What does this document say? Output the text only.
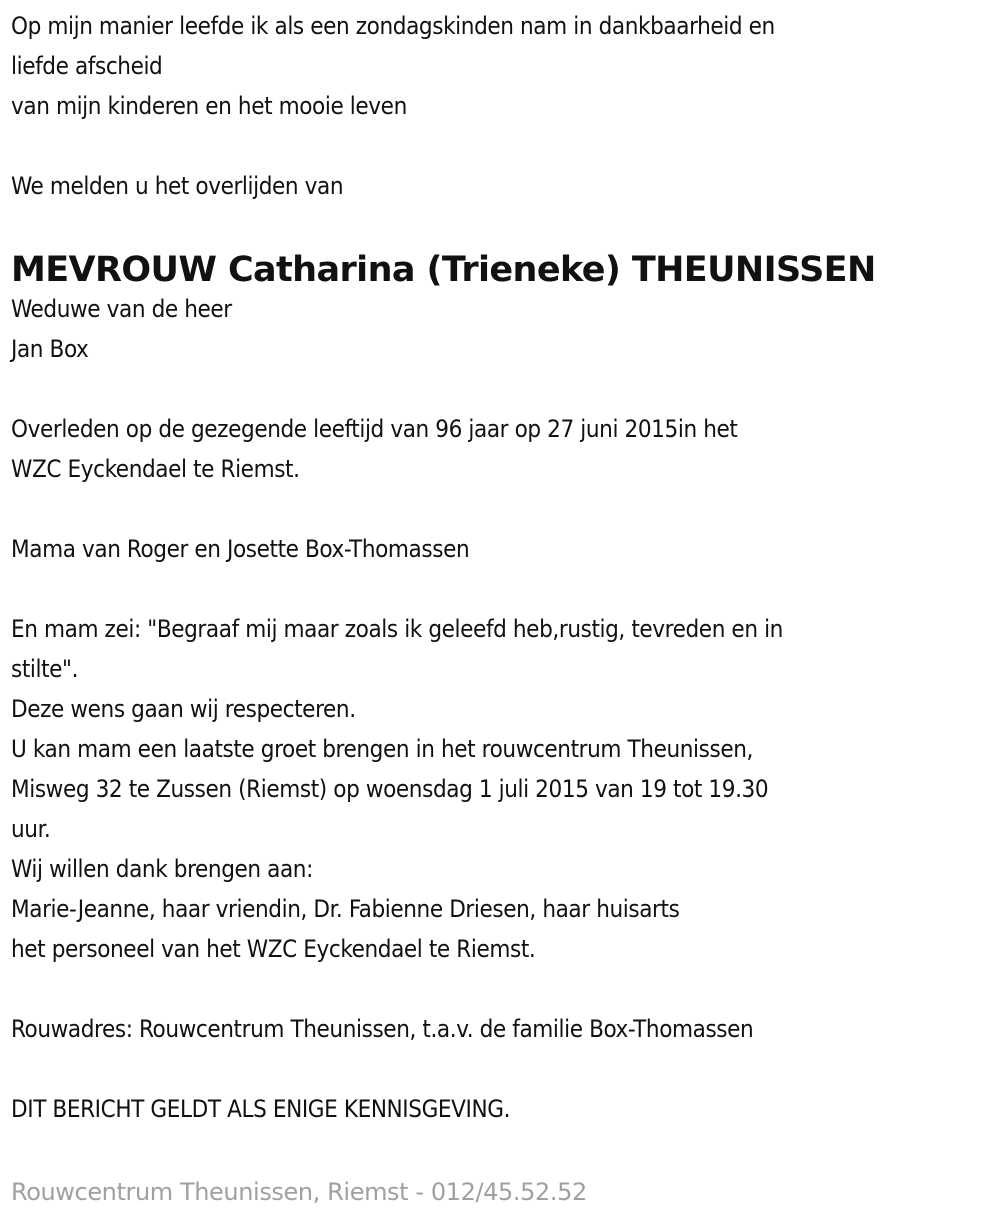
Op mijn manier leefde ik als een zondagskinden nam in dankbaarheid en
liefde afscheid
van mijn kinderen en het mooie leven
We melden u het overlijden van
MEVROUW Catharina (Trieneke) THEUNISSEN
Weduwe van de heer
Jan Box
Overleden op de gezegende leeftijd van 96 jaar op 27 juni 2015in het
WZC Eyckendael te Riemst.
Mama van Roger en Josette Box-Thomassen
En mam zei: "Begraaf mij maar zoals ik geleefd heb,rustig, tevreden en in
stilte".
Deze wens gaan wij respecteren.
U kan mam een laatste groet brengen in het rouwcentrum Theunissen,
Misweg 32 te Zussen (Riemst) op woensdag 1 juli 2015 van 19 tot 19.30
uur.
Wij willen dank brengen aan:
Marie-Jeanne, haar vriendin, Dr. Fabienne Driesen, haar huisarts
het personeel van het WZC Eyckendael te Riemst.
Rouwadres: Rouwcentrum Theunissen, t.a.v. de familie Box-Thomassen
DIT BERICHT GELDT ALS ENIGE KENNISGEVING.
Rouwcentrum Theunissen, Riemst - 012/45.52.52
